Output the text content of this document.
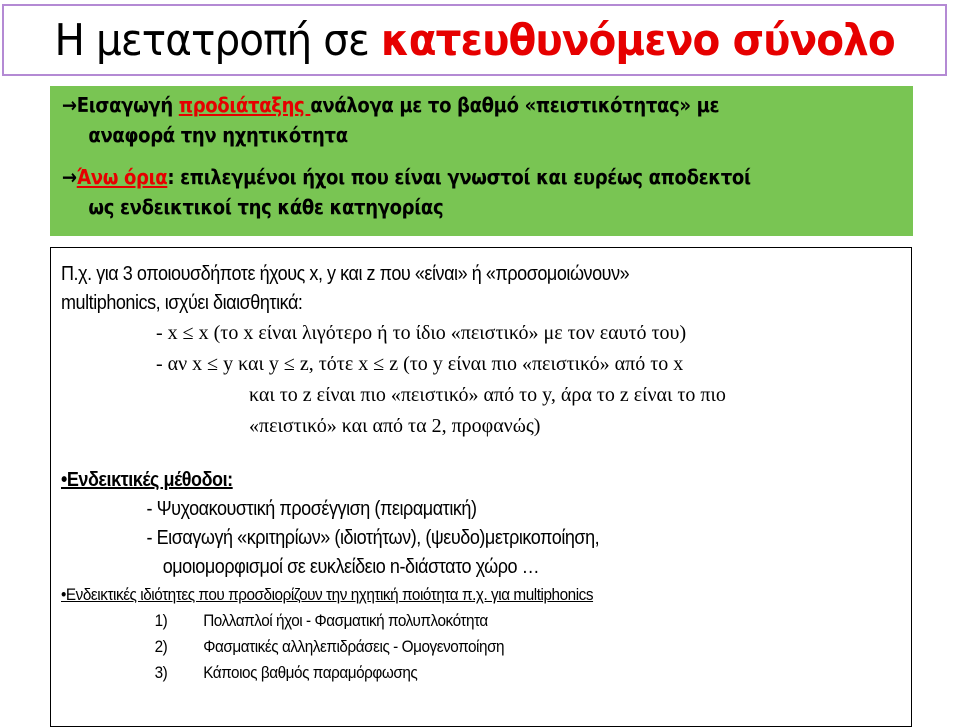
Η μετατροπή σε κατευθυνόμενο σύνολο
→Εισαγωγή προδιάταξης ανάλογα με το βαθμό «πειστικότητας» με
αναφορά την ηχητικότητα
→Άνω όρια: επιλεγμένοι ήχοι που είναι γνωστοί και ευρέως αποδεκτοί
ως ενδεικτικοί της κάθε κατηγορίας
Π.χ. για 3 οποιουσδήποτε ήχους x, y και z που «είναι» ή «προσομοιώνουν»
multiphonics, ισχύει διαισθητικά:
- x ≤ x (το x είναι λιγότερο ή το ίδιο «πειστικό» με τον εαυτό του)
- αν x ≤ y και y ≤ z, τότε x ≤ z (το y είναι πιο «πειστικό» από το x
και το z είναι πιο «πειστικό» από το y, άρα το z είναι το πιο
«πειστικό» και από τα 2, προφανώς)
•Ενδεικτικές μέθοδοι:
- Ψυχοακουστική προσέγγιση (πειραματική)
- Εισαγωγή «κριτηρίων» (ιδιοτήτων), (ψευδο)μετρικοποίηση,
ομοιομορφισμοί σε ευκλείδειο n-διάστατο χώρο …
•Ενδεικτικές ιδιότητες που προσδιορίζουν την ηχητική ποιότητα π.χ. για multiphonics
1) Πολλαπλοί ήχοι - Φασματική πολυπλοκότητα
2) Φασματικές αλληλεπιδράσεις - Ομογενοποίηση
3) Κάποιος βαθμός παραμόρφωσης
